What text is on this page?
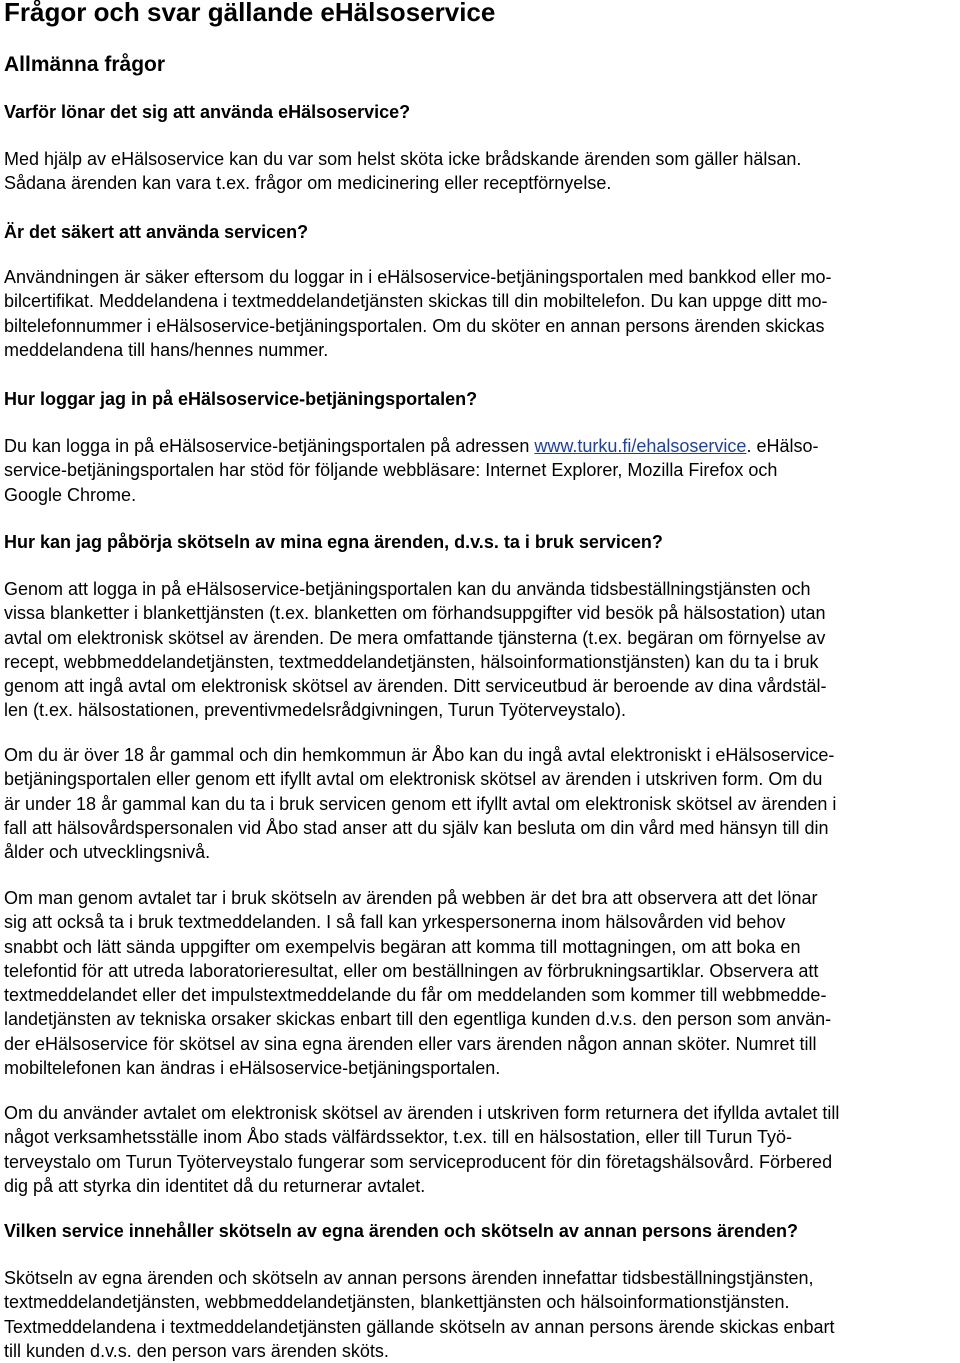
Frågor och svar gällande eHälsoservice
Allmänna frågor
Varför lönar det sig att använda eHälsoservice?
Med hjälp av eHälsoservice kan du var som helst sköta icke brådskande ärenden som gäller hälsan.
Sådana ärenden kan vara t.ex. frågor om medicinering eller receptförnyelse.
Är det säkert att använda servicen?
Användningen är säker eftersom du loggar in i eHälsoservice-betjäningsportalen med bankkod eller mo-
bilcertifikat. Meddelandena i textmeddelandetjänsten skickas till din mobiltelefon. Du kan uppge ditt mo-
biltelefonnummer i eHälsoservice-betjäningsportalen. Om du sköter en annan persons ärenden skickas
meddelandena till hans/hennes nummer.
Hur loggar jag in på eHälsoservice-betjäningsportalen?
Du kan logga in på eHälsoservice-betjäningsportalen på adressen www.turku.fi/ehalsoservice. eHälso-
service-betjäningsportalen har stöd för följande webbläsare: Internet Explorer, Mozilla Firefox och
Google Chrome.
Hur kan jag påbörja skötseln av mina egna ärenden, d.v.s. ta i bruk servicen?
Genom att logga in på eHälsoservice-betjäningsportalen kan du använda tidsbeställningstjänsten och
vissa blanketter i blankettjänsten (t.ex. blanketten om förhandsuppgifter vid besök på hälsostation) utan
avtal om elektronisk skötsel av ärenden. De mera omfattande tjänsterna (t.ex. begäran om förnyelse av
recept, webbmeddelandetjänsten, textmeddelandetjänsten, hälsoinformationstjänsten) kan du ta i bruk
genom att ingå avtal om elektronisk skötsel av ärenden. Ditt serviceutbud är beroende av dina vårdstäl-
len (t.ex. hälsostationen, preventivmedelsrådgivningen, Turun Työterveystalo).
Om du är över 18 år gammal och din hemkommun är Åbo kan du ingå avtal elektroniskt i eHälsoservice-
betjäningsportalen eller genom ett ifyllt avtal om elektronisk skötsel av ärenden i utskriven form. Om du
är under 18 år gammal kan du ta i bruk servicen genom ett ifyllt avtal om elektronisk skötsel av ärenden i
fall att hälsovårdspersonalen vid Åbo stad anser att du själv kan besluta om din vård med hänsyn till din
ålder och utvecklingsnivå.
Om man genom avtalet tar i bruk skötseln av ärenden på webben är det bra att observera att det lönar
sig att också ta i bruk textmeddelanden. I så fall kan yrkespersonerna inom hälsovården vid behov
snabbt och lätt sända uppgifter om exempelvis begäran att komma till mottagningen, om att boka en
telefontid för att utreda laboratorieresultat, eller om beställningen av förbrukningsartiklar. Observera att
textmeddelandet eller det impulstextmeddelande du får om meddelanden som kommer till webbmedde-
landetjänsten av tekniska orsaker skickas enbart till den egentliga kunden d.v.s. den person som använ-
der eHälsoservice för skötsel av sina egna ärenden eller vars ärenden någon annan sköter. Numret till
mobiltelefonen kan ändras i eHälsoservice-betjäningsportalen.
Om du använder avtalet om elektronisk skötsel av ärenden i utskriven form returnera det ifyllda avtalet till
något verksamhetsställe inom Åbo stads välfärdssektor, t.ex. till en hälsostation, eller till Turun Työ-
terveystalo om Turun Työterveystalo fungerar som serviceproducent för din företagshälsovård. Förbered
dig på att styrka din identitet då du returnerar avtalet.
Vilken service innehåller skötseln av egna ärenden och skötseln av annan persons ärenden?
Skötseln av egna ärenden och skötseln av annan persons ärenden innefattar tidsbeställningstjänsten,
textmeddelandetjänsten, webbmeddelandetjänsten, blankettjänsten och hälsoinformationstjänsten.
Textmeddelandena i textmeddelandetjänsten gällande skötseln av annan persons ärende skickas enbart
till kunden d.v.s. den person vars ärenden sköts.
